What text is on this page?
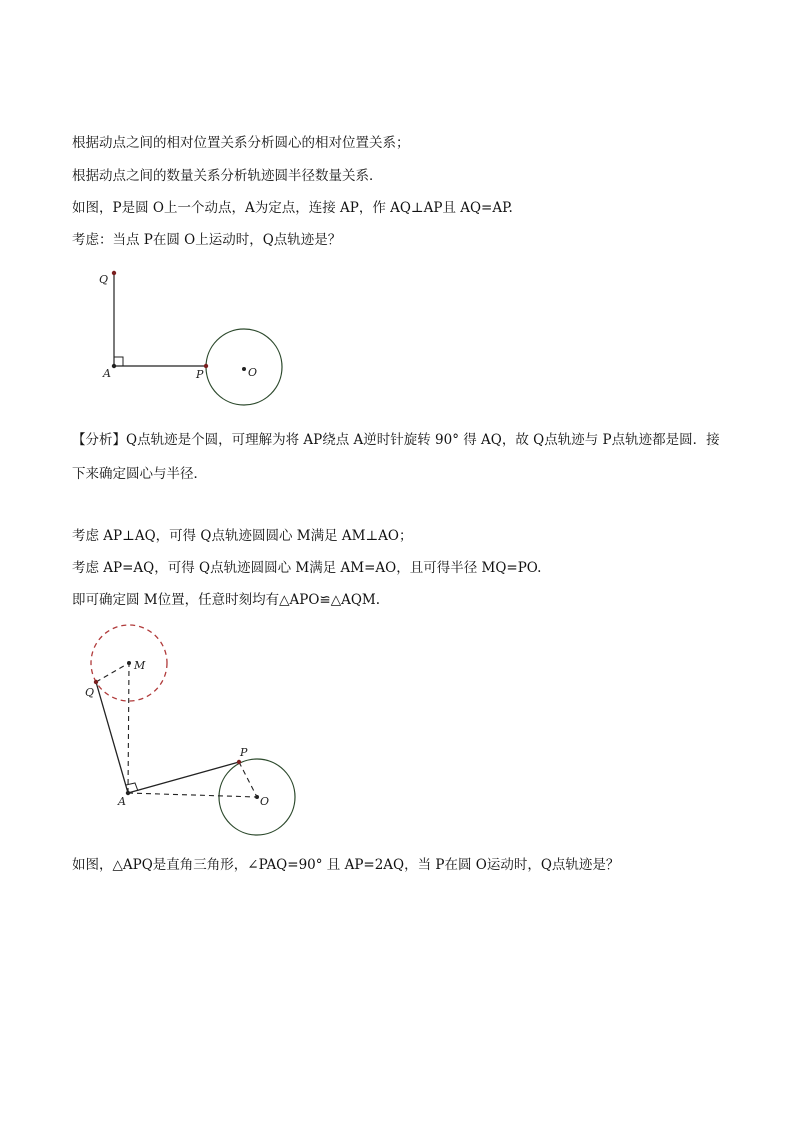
根据动点之间的相对位置关系分析圆心的相对位置关系；
根据动点之间的数量关系分析轨迹圆半径数量关系．
如图，P是圆 O上一个动点，A为定点，连接 AP，作 AQ⊥AP且 AQ=AP.
考虑：当点 P在圆 O上运动时，Q点轨迹是？
Q
A	P	O
【分析】Q点轨迹是个圆，可理解为将 AP绕点 A逆时针旋转 90° 得 AQ，故 Q点轨迹与 P点轨迹都是圆．接
下来确定圆心与半径．
考虑 AP⊥AQ，可得 Q点轨迹圆圆心 M满足 AM⊥AO；
考虑 AP=AQ，可得 Q点轨迹圆圆心 M满足 AM=AO，且可得半径 MQ=PO.
即可确定圆 M位置，任意时刻均有△APO≌△AQM.
M
Q
P
A	O
如图，△APQ是直角三角形，∠PAQ=90° 且 AP=2AQ，当 P在圆 O运动时，Q点轨迹是？
